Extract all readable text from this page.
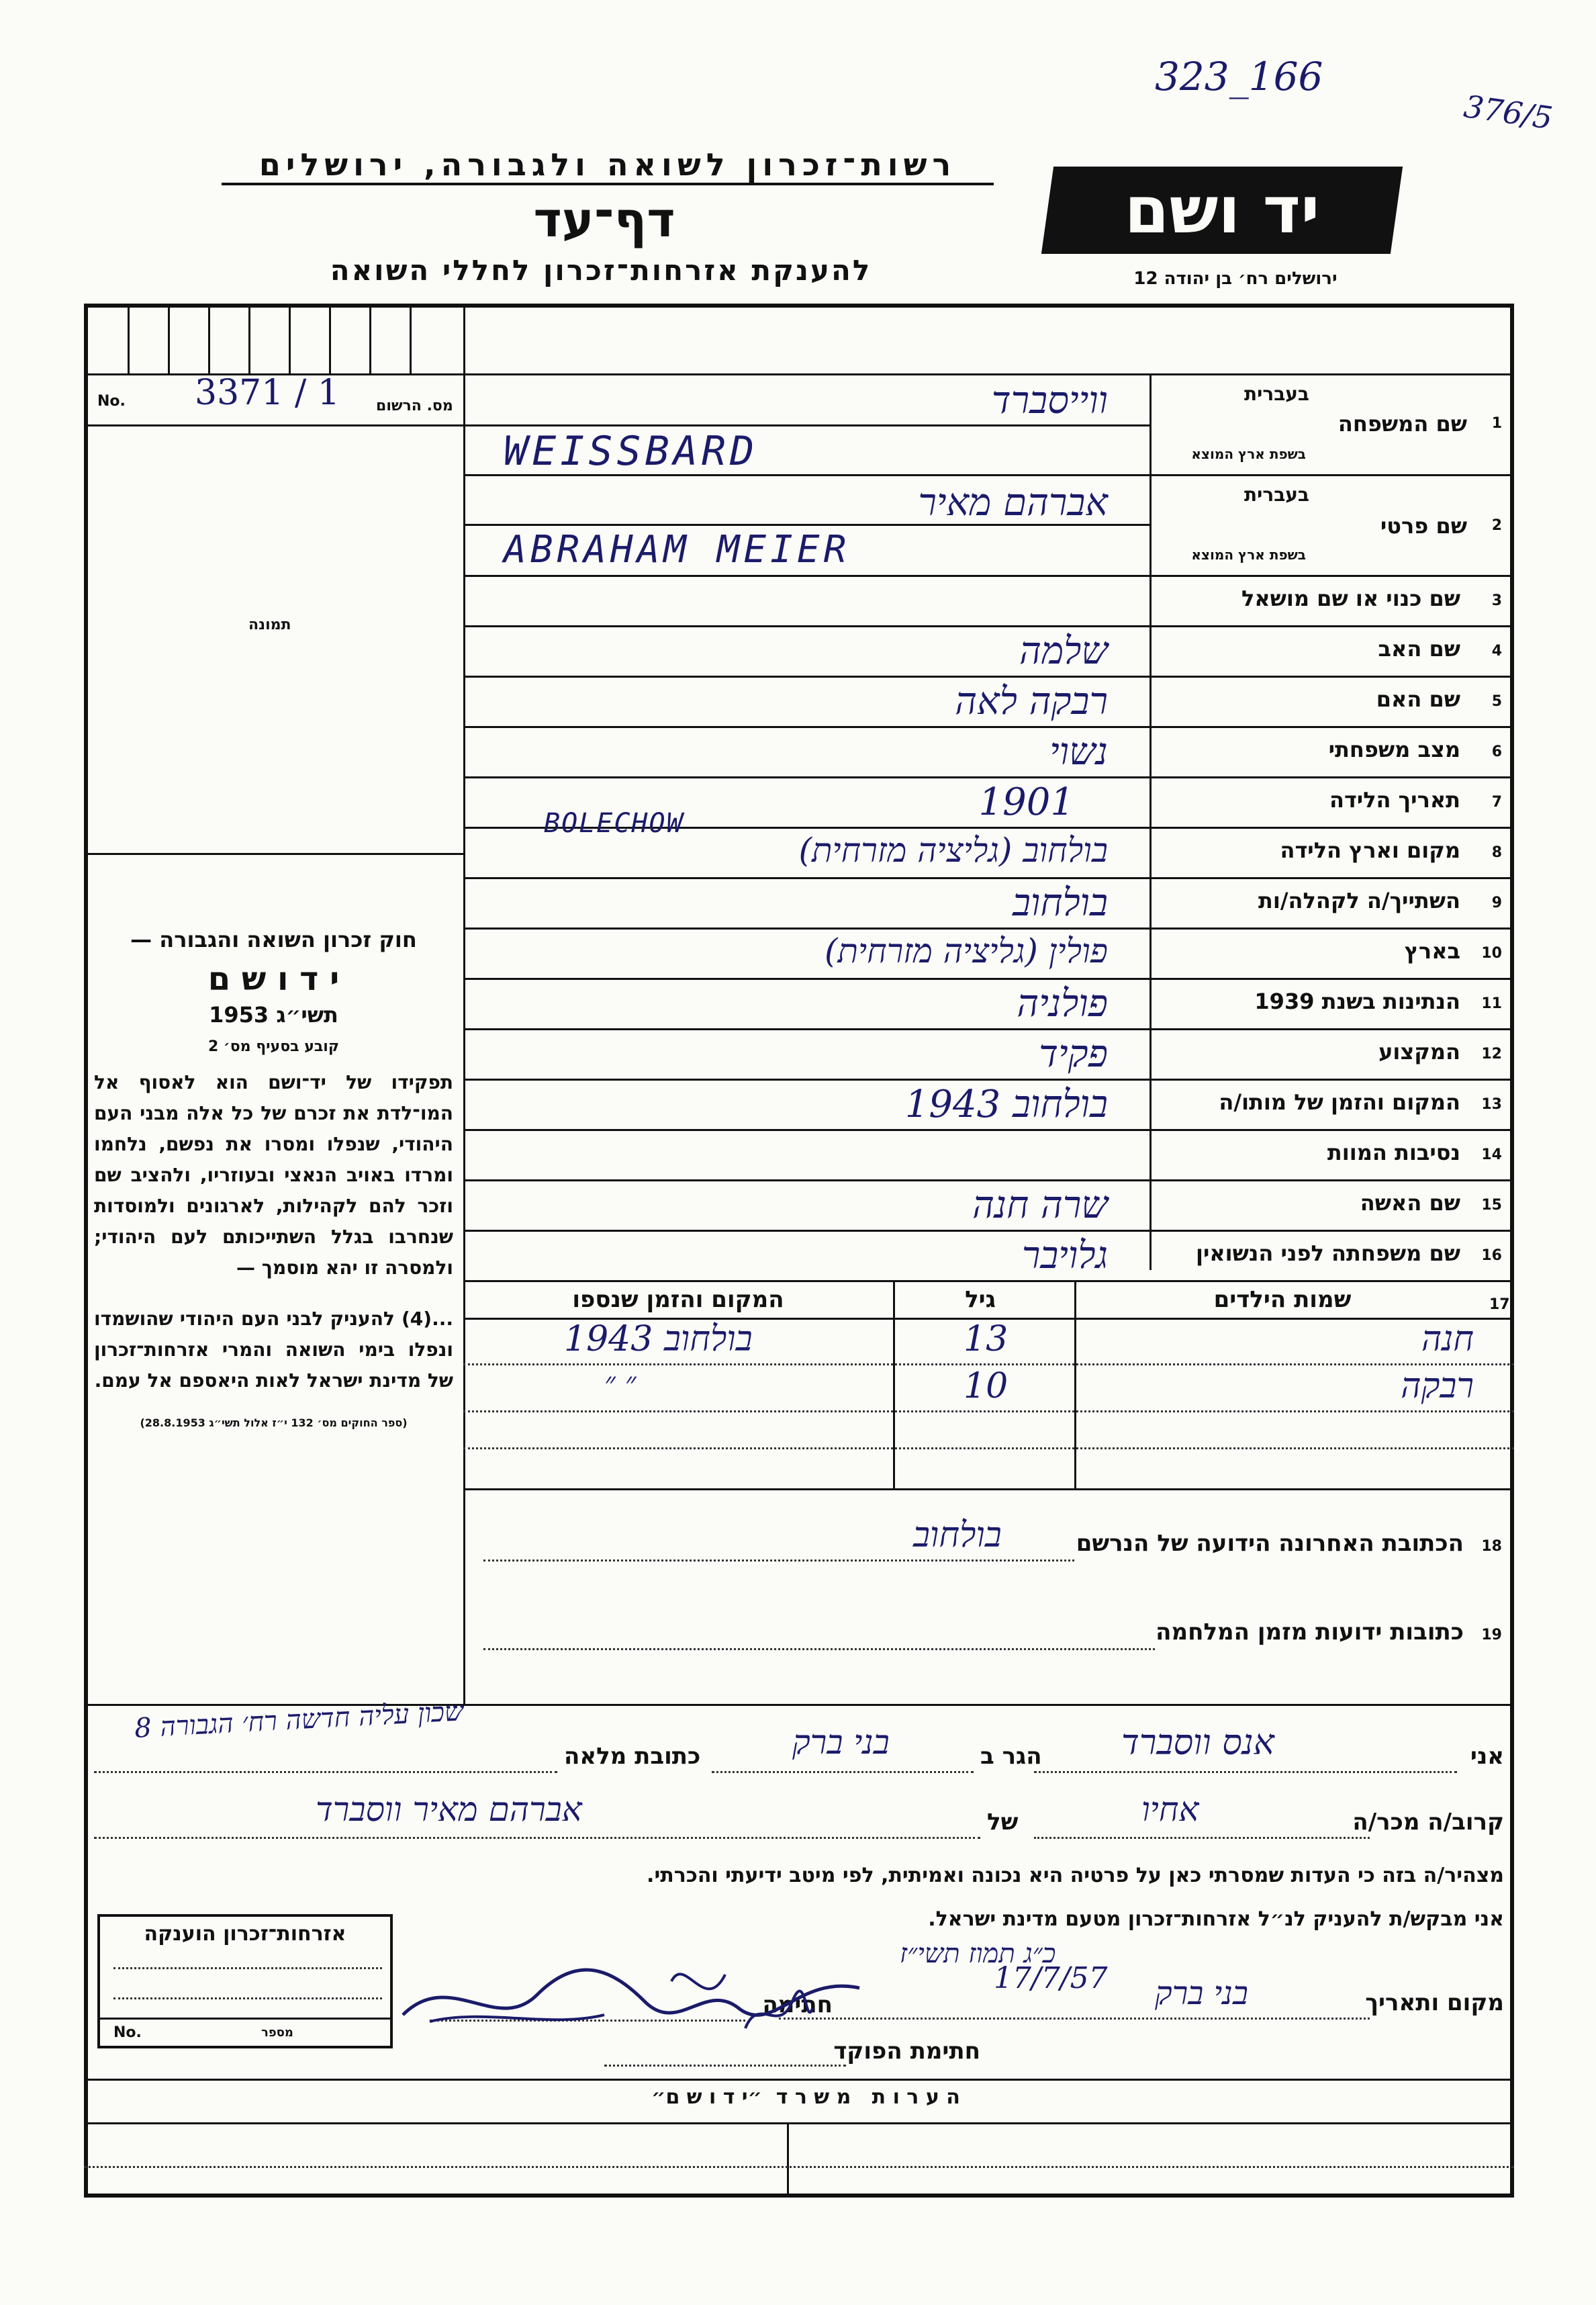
323_166
376/5
רשות־זכרון לשואה ולגבורה, ירושלים
דף־עד
להענקת אזרחות־זכרון לחללי השואה
יד ושם
ירושלים רח׳ בן יהודה 12
No. 3371 / 1 מס. הרשום
תמונה
חוק זכרון השואה והגבורה —
י ד ו ש ם
תשי״ג 1953
קובע בסעיף מס׳ 2
תפקידו של יד־ושם הוא לאסוף אל המו־לדת את זכרם של כל אלה מבני העם היהודי, שנפלו ומסרו את נפשם, נלחמו ומרדו באויב הנאצי ובעוזריו, ולהציב שם וזכר להם לקהילות, לארגונים ולמוסדות שנחרבו בגלל השתייכותם לעם היהודי; ולמסרה זו יהא מוסמך —
...(4) להעניק לבני העם היהודי שהושמדו ונפלו בימי השואה והמרי אזרחות־זכרון של מדינת ישראל לאות היאספם אל עמם.
(ספר החוקים מס׳ 132 י״ז אלול תשי״ג 28.8.1953)
1
שם המשפחה
בעברית
בשפת ארץ המוצא
ווייסברד
WEISSBARD
2
שם פרטי
בעברית
בשפת ארץ המוצא
אברהם מאיר
ABRAHAM MEIER
3
שם כנוי או שם מושאל
4
שם האב
שלמה
5
שם האם
רבקה לאה
6
מצב משפחתי
נשוי
7
תאריך הלידה
1901
8
מקום וארץ הלידה
בולחוב (גליציה מזרחית)
BOLECHOW
9
השתייך/ה לקהלה/ות
בולחוב
10
בארץ
פולין (גליציה מזרחית)
11
הנתינות בשנת 1939
פולניה
12
המקצוע
פקיד
13
המקום והזמן של מותו/ה
בולחוב 1943
14
נסיבות המוות
15
שם האשה
שרה חנה
16
שם משפחתה לפני הנשואין
גלויבר
17
שמות הילדים
גיל
המקום והזמן שנספו
חנה
13
בולחוב 1943
רבקה
10
״ ״
18
הכתובת האחרונה הידועה של הנרשם
בולחוב
19
כתובות ידועות מזמן המלחמה
אני
אנס ווסברד
הגר ב
בני ברק
כתובת מלאה
שכון עליה חדשה רח׳ הגבורה 8
קרוב/ה מכר/ה
אחיו
של
אברהם מאיר ווסברד
מצהיר/ה בזה כי העדות שמסרתי כאן על פרטיה היא נכונה ואמיתית, לפי מיטב ידיעתי והכרתי.
אני מבקש/ת להעניק לנ״ל אזרחות־זכרון מטעם מדינת ישראל.
כ״ג תמוז תשי״ז
מקום ותאריך
בני ברק
17/7/57
חתימה
חתימת הפוקד
אזרחות־זכרון הוענקה
No.	מספר
ה ע ר ו ת   מ ש ר ד  ״י ד ו ש ם״
